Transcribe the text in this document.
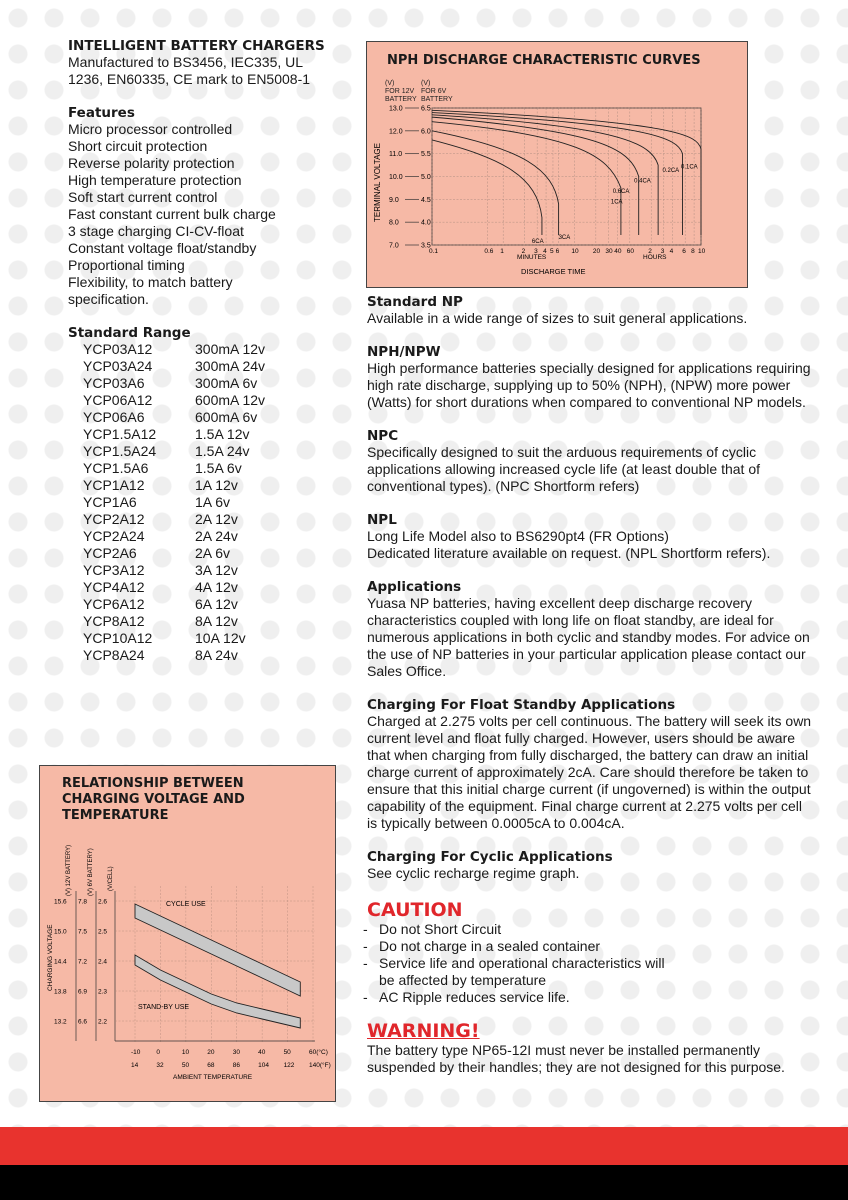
INTELLIGENT BATTERY CHARGERS

Manufactured to BS3456, IEC335, UL 1236, EN60335, CE mark to EN5008-1

Features

Micro processor controlled
Short circuit protection
Reverse polarity protection
High temperature protection
Soft start current control
Fast constant current bulk charge
3 stage charging CI-CV-float
Constant voltage float/standby
Proportional timing
Flexibility, to match battery
specification.

Standard Range

YCP03A12	300mA 12v
YCP03A24	300mA 24v
YCP03A6	300mA 6v
YCP06A12	600mA 12v
YCP06A6	600mA 6v
YCP1.5A12	1.5A 12v
YCP1.5A24	1.5A 24v
YCP1.5A6	1.5A 6v
YCP1A12	1A 12v
YCP1A6	1A 6v
YCP2A12	2A 12v
YCP2A24	2A 24v
YCP2A6	2A 6v
YCP3A12	3A 12v
YCP4A12	4A 12v
YCP6A12	6A 12v
YCP8A12	8A 12v
YCP10A12	10A 12v
YCP8A24	8A 24v

Standard NP

Available in a wide range of sizes to suit general applications.

NPH/NPW

High performance batteries specially designed for applications requiring high rate discharge, supplying up to 50% (NPH), (NPW) more power (Watts) for short durations when compared to conventional NP models.

NPC

Specifically designed to suit the arduous requirements of cyclic applications allowing increased cycle life (at least double that of conventional types). (NPC Shortform refers)

NPL

Long Life Model also to BS6290pt4 (FR Options)
Dedicated literature available on request. (NPL Shortform refers).

Applications

Yuasa NP batteries, having excellent deep discharge recovery characteristics coupled with long life on float standby, are ideal for numerous applications in both cyclic and standby modes. For advice on the use of NP batteries in your particular application please contact our Sales Office.

Charging For Float Standby Applications

Charged at 2.275 volts per cell continuous. The battery will seek its own current level and float fully charged. However, users should be aware that when charging from fully discharged, the battery can draw an initial charge current of approximately 2cA. Care should therefore be taken to ensure that this initial charge current (if ungoverned) is within the output capability of the equipment. Final charge current at 2.275 volts per cell is typically between 0.0005cA to 0.004cA.

Charging For Cyclic Applications

See cyclic recharge regime graph.

CAUTION

- Do not Short Circuit
- Do not charge in a sealed container
- Service life and operational characteristics will be affected by temperature
- AC Ripple reduces service life.

WARNING!

The battery type NP65-12I must never be installed permanently suspended by their handles; they are not designed for this purpose.

NPH DISCHARGE CHARACTERISTIC CURVES

(V)
FOR 12V
BATTERY
(V)
FOR 6V
BATTERY
TERMINAL VOLTAGE
13.0	6.5
12.0	6.0
11.0	5.5
10.0	5.0
9.0	4.5
8.0	4.0
7.0	3.5
0.1	0.6 1	2 3 4 5 6 10 20 30 40 60 2 3 4 6 8 10
6CA
3CA
1CA
0.6CA
0.4CA
0.2CA
0.1CA
MINUTES	HOURS
DISCHARGE TIME

RELATIONSHIP BETWEEN
CHARGING VOLTAGE AND
TEMPERATURE

(V) 12V BATTERY)	(V) 6V BATTERY) (V/CELL)
CHARGING VOLTAGE
15.6 7.8 2.6
15.0 7.5 2.5
14.4 7.2 2.4
13.8 6.9 2.3
13.2 6.6 2.2
-10
14
0
32
10
50
20
68
30
86
40
104
50
122
60(°C)
140(°F)
CYCLE USE
STAND-BY USE
AMBIENT TEMPERATURE
